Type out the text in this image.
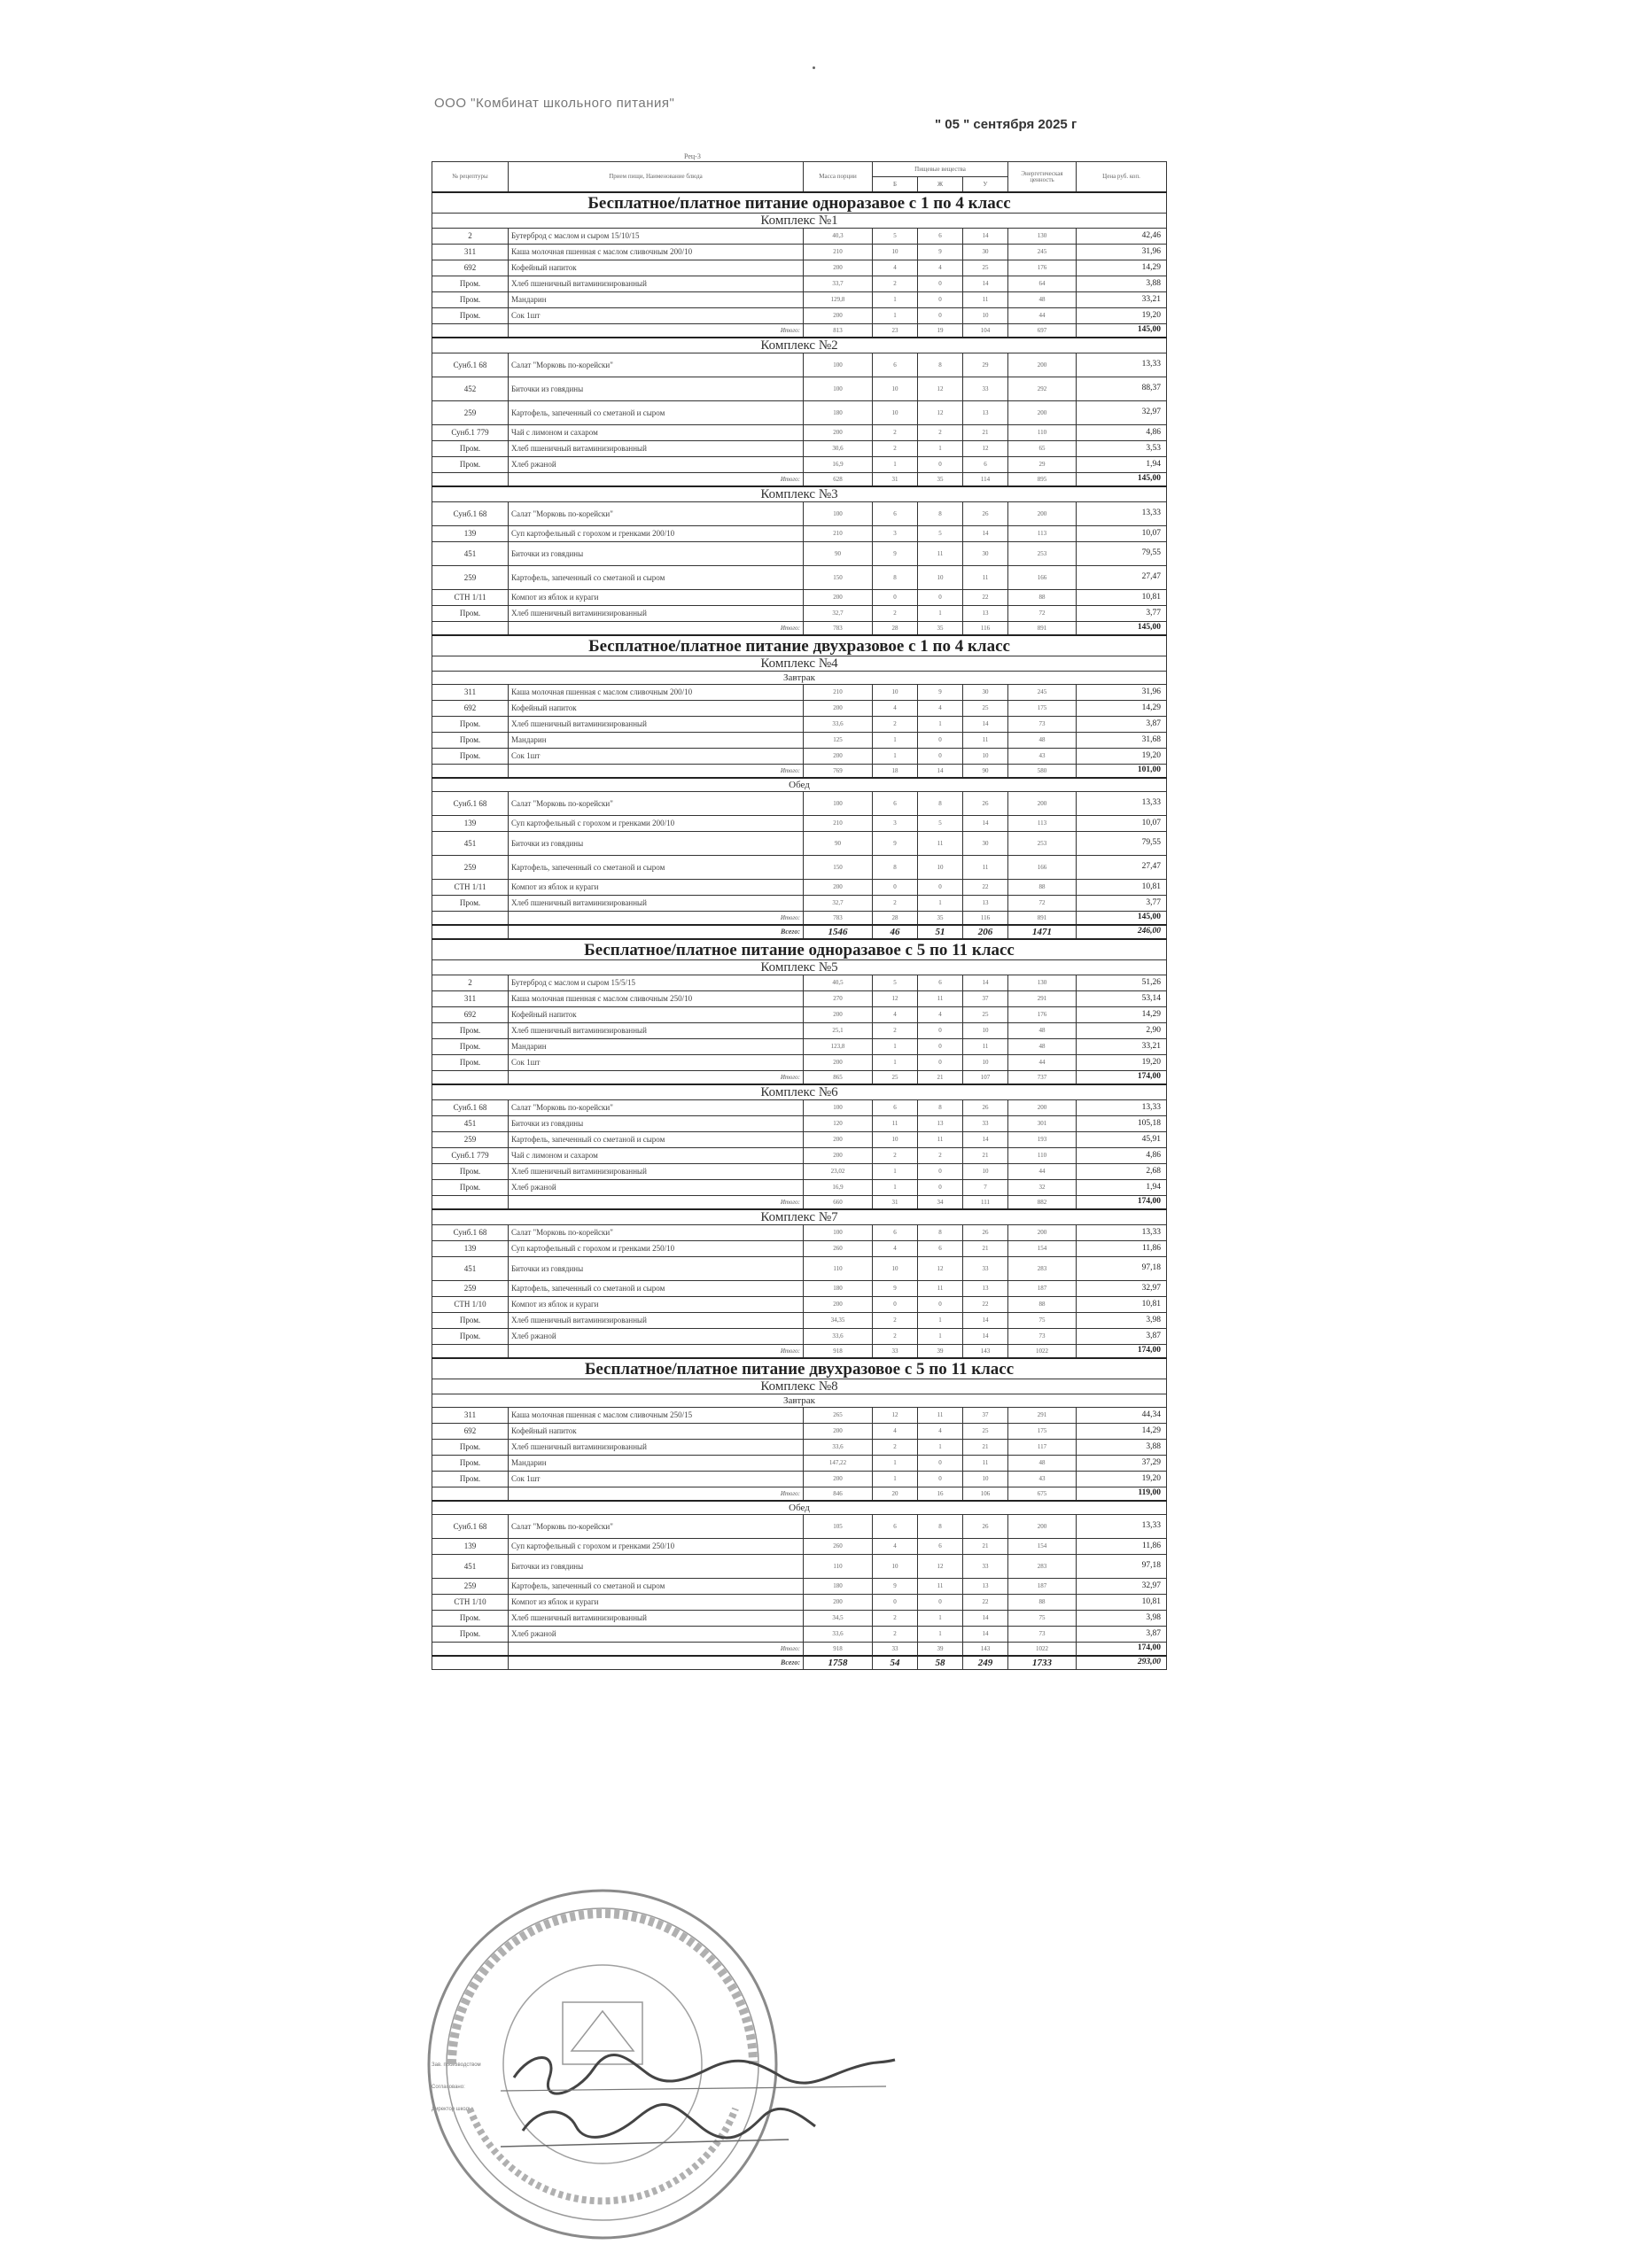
ООО "Комбинат школьного питания"
" 05 " сентября 2025 г
Рец-3
№ рецептуры	Прием пищи, Наименование блюда	Масса порции	Пищевые вещества			Энергетическая ценность	Цена руб. коп.
			Б	Ж	У		
Бесплатное/платное питание одноразавое с 1 по 4 класс							
Комплекс №1							
2	Бутерброд с маслом и сыром 15/10/15	40,3	5	6	14	130	42,46
311	Каша молочная пшенная с маслом сливочным 200/10	210	10	9	30	245	31,96
692	Кофейный напиток	200	4	4	25	176	14,29
Пром.	Хлеб пшеничный витаминизированный	33,7	2	0	14	64	3,88
Пром.	Мандарин	129,8	1	0	11	48	33,21
Пром.	Сок 1шт	200	1	0	10	44	19,20
	Итого:	813	23	19	104	697	145,00
Комплекс №2							
Сунб.1 68	Салат "Морковь по-корейски"	100	6	8	29	200	13,33
452	Биточки из говядины	100	10	12	33	292	88,37
259	Картофель, запеченный со сметаной и сыром	180	10	12	13	200	32,97
Сунб.1 779	Чай с лимоном и сахаром	200	2	2	21	110	4,86
Пром.	Хлеб пшеничный витаминизированный	30,6	2	1	12	65	3,53
Пром.	Хлеб ржаной	16,9	1	0	6	29	1,94
	Итого:	628	31	35	114	895	145,00
Комплекс №3							
Сунб.1 68	Салат "Морковь по-корейски"	100	6	8	26	200	13,33
139	Суп картофельный с горохом и гренками 200/10	210	3	5	14	113	10,07
451	Биточки из говядины	90	9	11	30	253	79,55
259	Картофель, запеченный со сметаной и сыром	150	8	10	11	166	27,47
СТН 1/11	Компот из яблок и кураги	200	0	0	22	88	10,81
Пром.	Хлеб пшеничный витаминизированный	32,7	2	1	13	72	3,77
	Итого:	783	28	35	116	891	145,00
Бесплатное/платное питание двухразовое с 1 по 4 класс							
Комплекс №4							
Завтрак							
311	Каша молочная пшенная с маслом сливочным 200/10	210	10	9	30	245	31,96
692	Кофейный напиток	200	4	4	25	175	14,29
Пром.	Хлеб пшеничный витаминизированный	33,6	2	1	14	73	3,87
Пром.	Мандарин	125	1	0	11	48	31,68
Пром.	Сок 1шт	200	1	0	10	43	19,20
	Итого:	769	18	14	90	580	101,00
Обед							
Сунб.1 68	Салат "Морковь по-корейски"	100	6	8	26	200	13,33
139	Суп картофельный с горохом и гренками 200/10	210	3	5	14	113	10,07
451	Биточки из говядины	90	9	11	30	253	79,55
259	Картофель, запеченный со сметаной и сыром	150	8	10	11	166	27,47
СТН 1/11	Компот из яблок и кураги	200	0	0	22	88	10,81
Пром.	Хлеб пшеничный витаминизированный	32,7	2	1	13	72	3,77
	Итого:	783	28	35	116	891	145,00
	Всего:	1546	46	51	206	1471	246,00
Бесплатное/платное питание одноразавое с 5 по 11 класс							
Комплекс №5							
2	Бутерброд с маслом и сыром 15/5/15	40,5	5	6	14	130	51,26
311	Каша молочная пшенная с маслом сливочным 250/10	270	12	11	37	291	53,14
692	Кофейный напиток	200	4	4	25	176	14,29
Пром.	Хлеб пшеничный витаминизированный	25,1	2	0	10	48	2,90
Пром.	Мандарин	123,8	1	0	11	48	33,21
Пром.	Сок 1шт	200	1	0	10	44	19,20
	Итого:	865	25	21	107	737	174,00
Комплекс №6							
Сунб.1 68	Салат "Морковь по-корейски"	100	6	8	26	200	13,33
451	Биточки из говядины	120	11	13	33	301	105,18
259	Картофель, запеченный со сметаной и сыром	200	10	11	14	193	45,91
Сунб.1 779	Чай с лимоном и сахаром	200	2	2	21	110	4,86
Пром.	Хлеб пшеничный витаминизированный	23,02	1	0	10	44	2,68
Пром.	Хлеб ржаной	16,9	1	0	7	32	1,94
	Итого:	660	31	34	111	882	174,00
Комплекс №7							
Сунб.1 68	Салат "Морковь по-корейски"	100	6	8	26	200	13,33
139	Суп картофельный с горохом и гренками 250/10	260	4	6	21	154	11,86
451	Биточки из говядины	110	10	12	33	283	97,18
259	Картофель, запеченный со сметаной и сыром	180	9	11	13	187	32,97
СТН 1/10	Компот из яблок и кураги	200	0	0	22	88	10,81
Пром.	Хлеб пшеничный витаминизированный	34,35	2	1	14	75	3,98
Пром.	Хлеб ржаной	33,6	2	1	14	73	3,87
	Итого:	918	33	39	143	1022	174,00
Бесплатное/платное питание двухразовое с 5 по 11 класс							
Комплекс №8							
Завтрак							
311	Каша молочная пшенная с маслом сливочным 250/15	265	12	11	37	291	44,34
692	Кофейный напиток	200	4	4	25	175	14,29
Пром.	Хлеб пшеничный витаминизированный	33,6	2	1	21	117	3,88
Пром.	Мандарин	147,22	1	0	11	48	37,29
Пром.	Сок 1шт	200	1	0	10	43	19,20
	Итого:	846	20	16	106	675	119,00
Обед							
Сунб.1 68	Салат "Морковь по-корейски"	105	6	8	26	200	13,33
139	Суп картофельный с горохом и гренками 250/10	260	4	6	21	154	11,86
451	Биточки из говядины	110	10	12	33	283	97,18
259	Картофель, запеченный со сметаной и сыром	180	9	11	13	187	32,97
СТН 1/10	Компот из яблок и кураги	200	0	0	22	88	10,81
Пром.	Хлеб пшеничный витаминизированный	34,5	2	1	14	75	3,98
Пром.	Хлеб ржаной	33,6	2	1	14	73	3,87
	Итого:	918	33	39	143	1022	174,00
	Всего:	1758	54	58	249	1733	293,00
Зав. производством
Согласовано:
Директор школы
